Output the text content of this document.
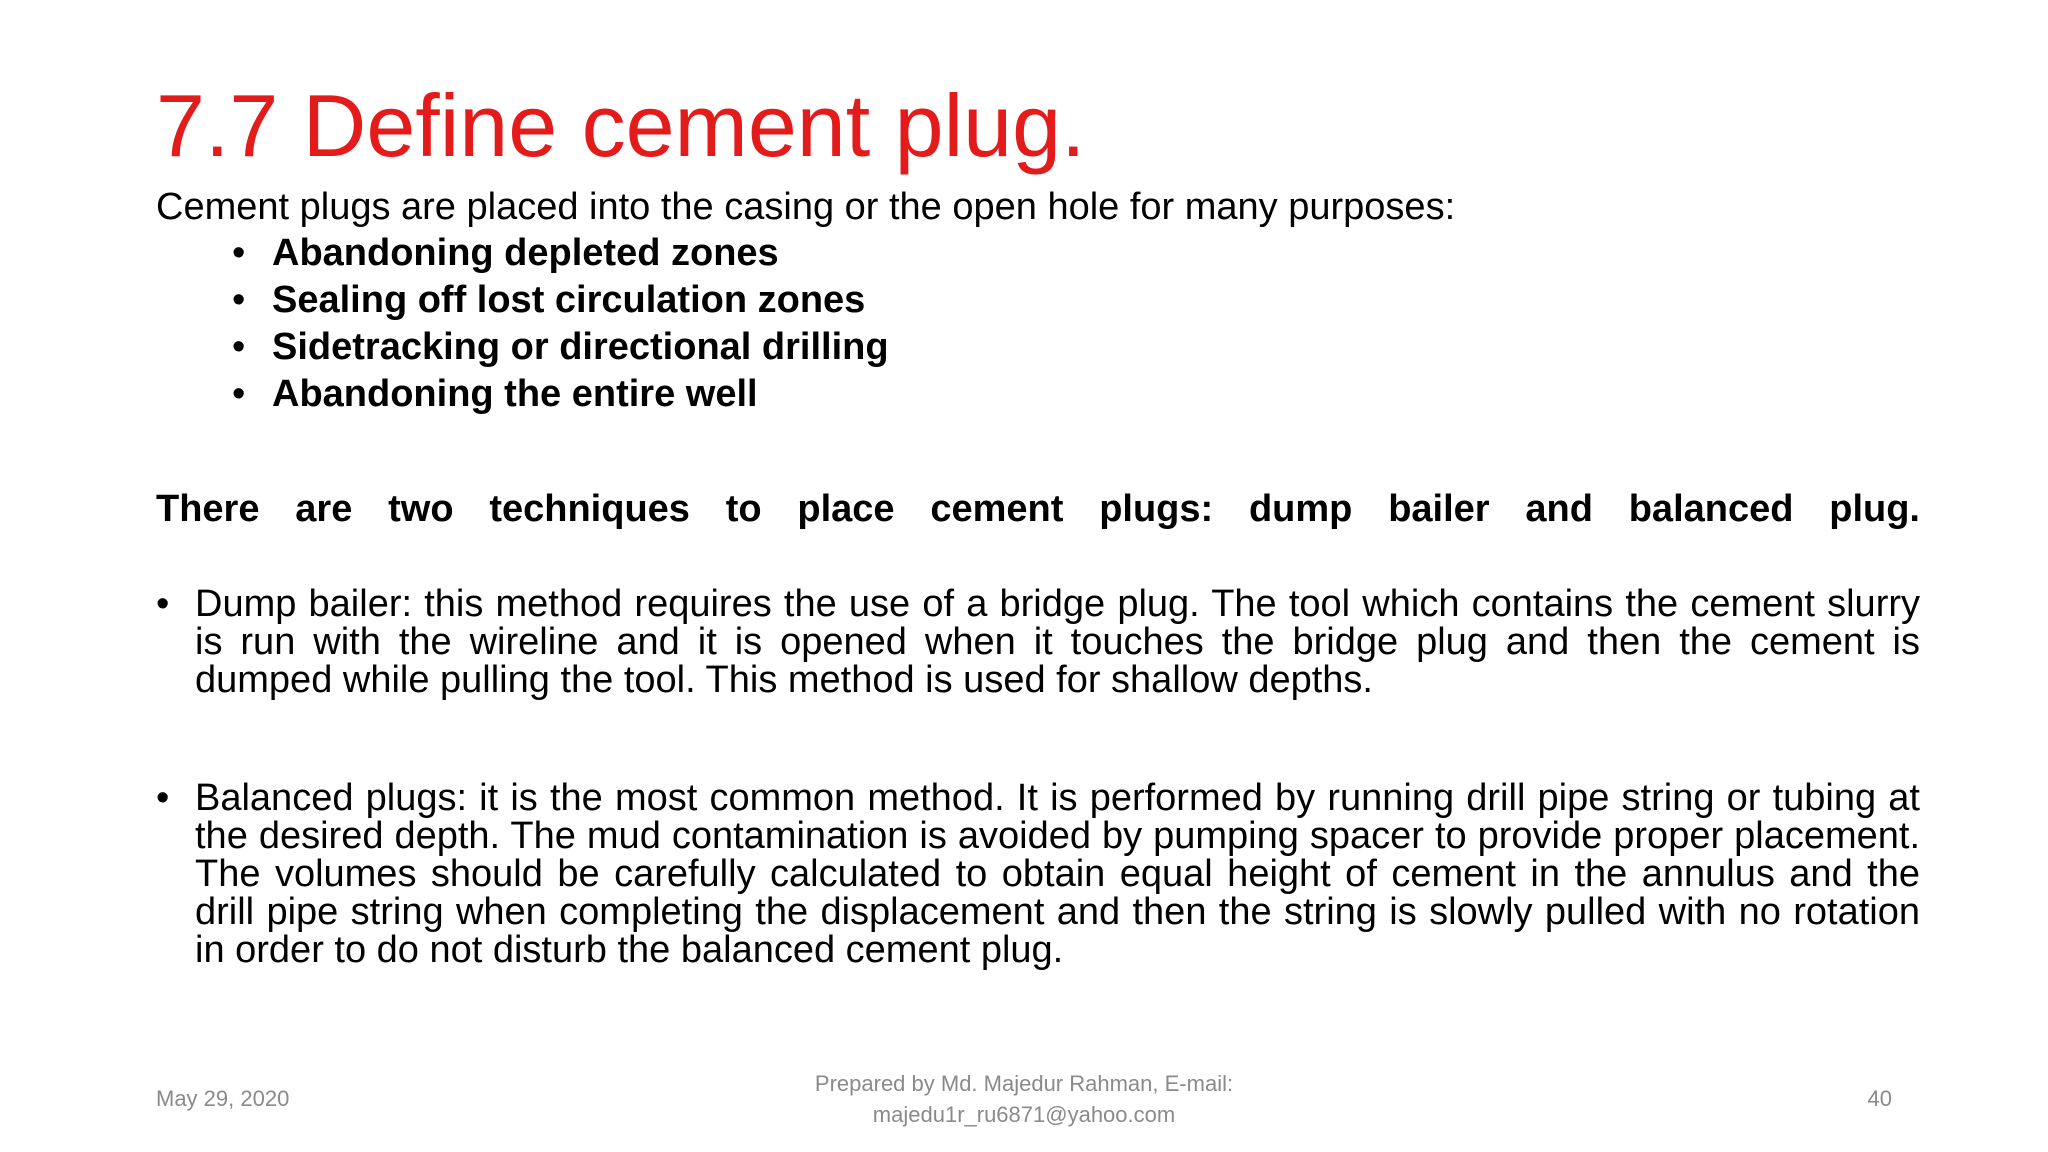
7.7 Define cement plug.
Cement plugs are placed into the casing or the open hole for many purposes:
• Abandoning depleted zones
• Sealing off lost circulation zones
• Sidetracking or directional drilling
• Abandoning the entire well
There are two techniques to place cement plugs: dump bailer and balanced plug.
• Dump bailer: this method requires the use of a bridge plug. The tool which contains the cement slurry is run with the wireline and it is opened when it touches the bridge plug and then the cement is dumped while pulling the tool. This method is used for shallow depths.
• Balanced plugs: it is the most common method. It is performed by running drill pipe string or tubing at the desired depth. The mud contamination is avoided by pumping spacer to provide proper placement. The volumes should be carefully calculated to obtain equal height of cement in the annulus and the drill pipe string when completing the displacement and then the string is slowly pulled with no rotation in order to do not disturb the balanced cement plug.
May 29, 2020
Prepared by Md. Majedur Rahman, E-mail:
majedu1r_ru6871@yahoo.com
40
